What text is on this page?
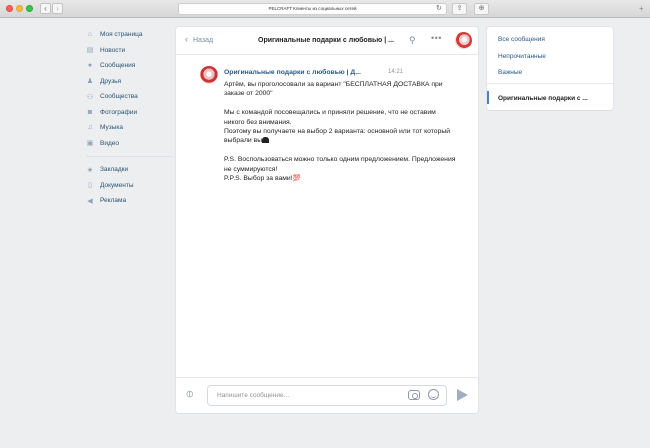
‹	›	PELCRAFT Клиенты из социальных сетей	↻	⇪	⊕	+
⌂ Моя страница
▤ Новости
● Сообщения
♟ Друзья
⚇ Сообщества
◙ Фотографии
♫ Музыка
▣ Видео
★ Закладки
▯	Документы
◀ Реклама
‹ Назад	Оригинальные подарки с любовью | ... ⚲ •••
Оригинальные подарки с любовью | Д...	14:21

Артём, вы проголосовали за вариант "БЕСПЛАТНАЯ ДОСТАВКА при заказе от 2000"

Мы с командой посовещались и приняли решение, что не оставим никого без внимания.

Поэтому вы получаете на выбор 2 варианта: основной или тот который выбрали вы

P.S. Воспользоваться можно только одним предложением. Предложения не суммируются!

P.P.S. Выбор за вами!💯

⊘
Напишите сообщение...
Все сообщения
Непрочитанные
Важные
Оригинальные подарки с ...
